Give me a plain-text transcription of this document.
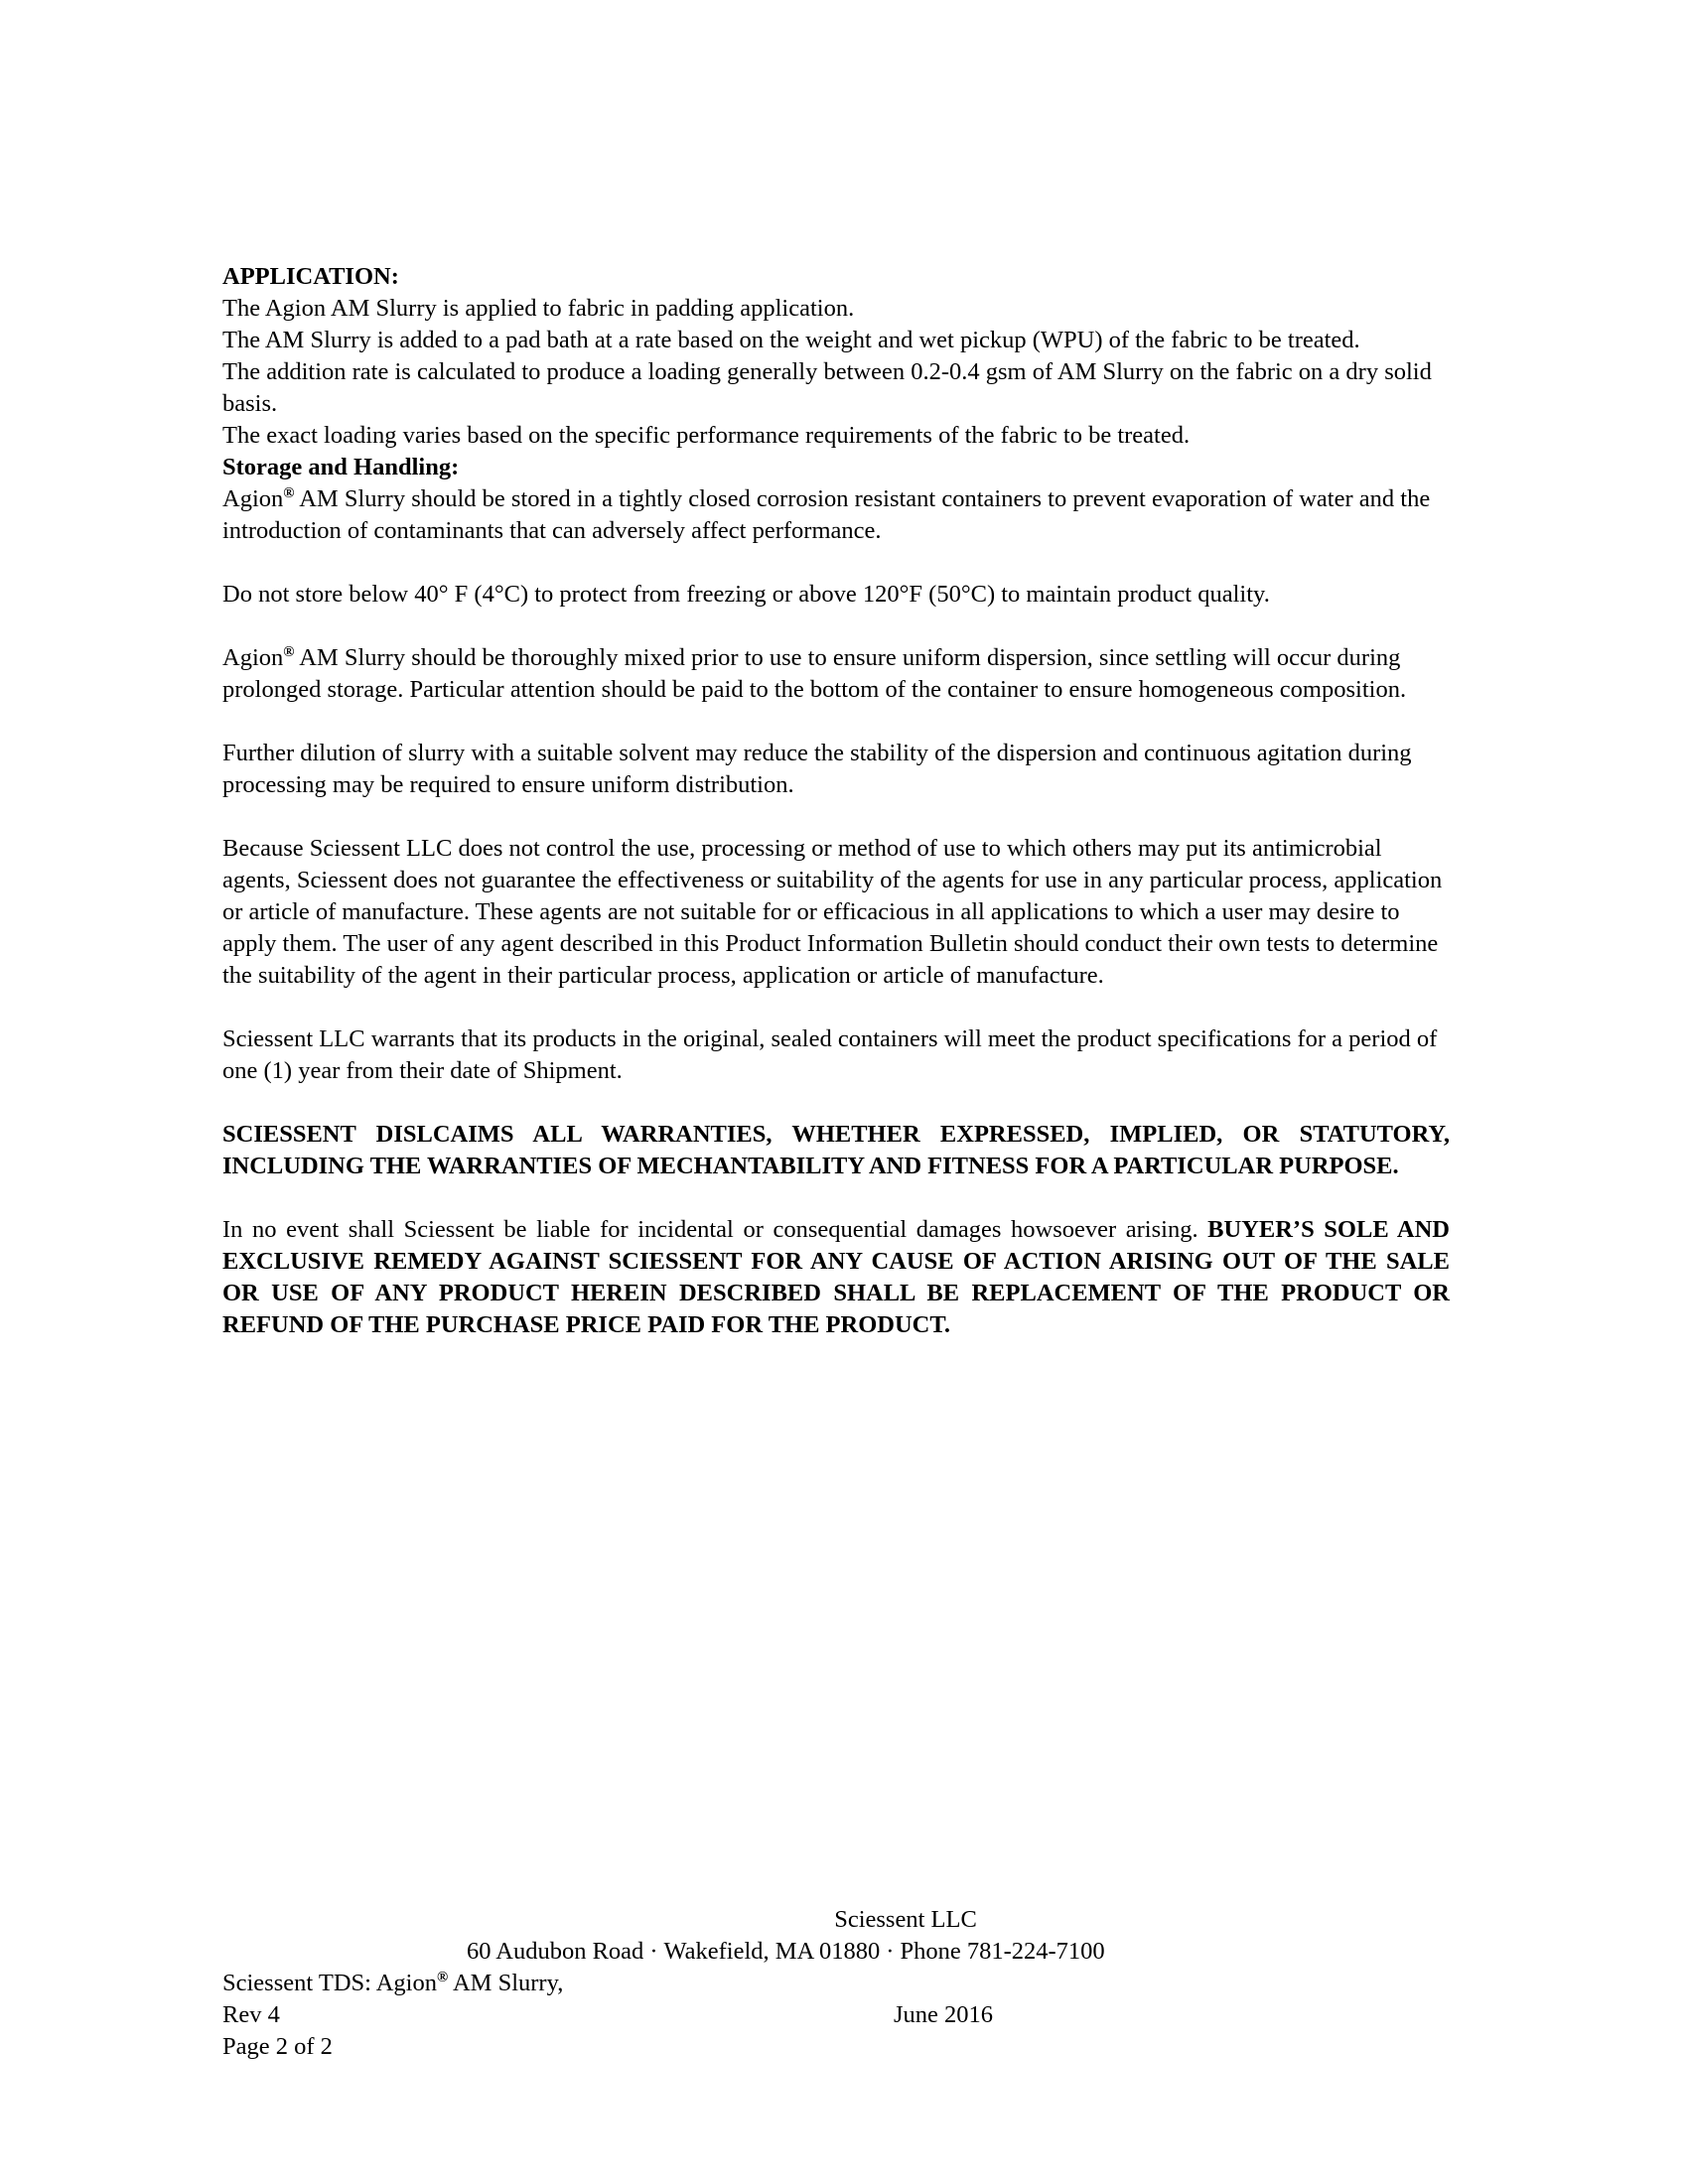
APPLICATION:

The Agion AM Slurry is applied to fabric in padding application.

The AM Slurry is added to a pad bath at a rate based on the weight and wet pickup (WPU) of the fabric to be treated.

The addition rate is calculated to produce a loading generally between 0.2-0.4 gsm of AM Slurry on the fabric on a dry solid basis.

The exact loading varies based on the specific performance requirements of the fabric to be treated.

Storage and Handling:

Agion® AM Slurry should be stored in a tightly closed corrosion resistant containers to prevent evaporation of water and the introduction of contaminants that can adversely affect performance.

Do not store below 40° F (4°C) to protect from freezing or above 120°F (50°C) to maintain product quality.

Agion® AM Slurry should be thoroughly mixed prior to use to ensure uniform dispersion, since settling will occur during prolonged storage. Particular attention should be paid to the bottom of the container to ensure homogeneous composition.

Further dilution of slurry with a suitable solvent may reduce the stability of the dispersion and continuous agitation during processing may be required to ensure uniform distribution.

Because Sciessent LLC does not control the use, processing or method of use to which others may put its antimicrobial agents, Sciessent does not guarantee the effectiveness or suitability of the agents for use in any particular process, application or article of manufacture. These agents are not suitable for or efficacious in all applications to which a user may desire to apply them. The user of any agent described in this Product Information Bulletin should conduct their own tests to determine the suitability of the agent in their particular process, application or article of manufacture.

Sciessent LLC warrants that its products in the original, sealed containers will meet the product specifications for a period of one (1) year from their date of Shipment.

SCIESSENT DISLCAIMS ALL WARRANTIES, WHETHER EXPRESSED, IMPLIED, OR STATUTORY, INCLUDING THE WARRANTIES OF MECHANTABILITY AND FITNESS FOR A PARTICULAR PURPOSE.

In no event shall Sciessent be liable for incidental or consequential damages howsoever arising. BUYER’S SOLE AND EXCLUSIVE REMEDY AGAINST SCIESSENT FOR ANY CAUSE OF ACTION ARISING OUT OF THE SALE OR USE OF ANY PRODUCT HEREIN DESCRIBED SHALL BE REPLACEMENT OF THE PRODUCT OR REFUND OF THE PURCHASE PRICE PAID FOR THE PRODUCT.

Sciessent LLC
60 Audubon Road · Wakefield, MA 01880 · Phone 781-224-7100

Sciessent TDS: Agion® AM Slurry,

Rev 4

Page 2 of 2

June 2016
